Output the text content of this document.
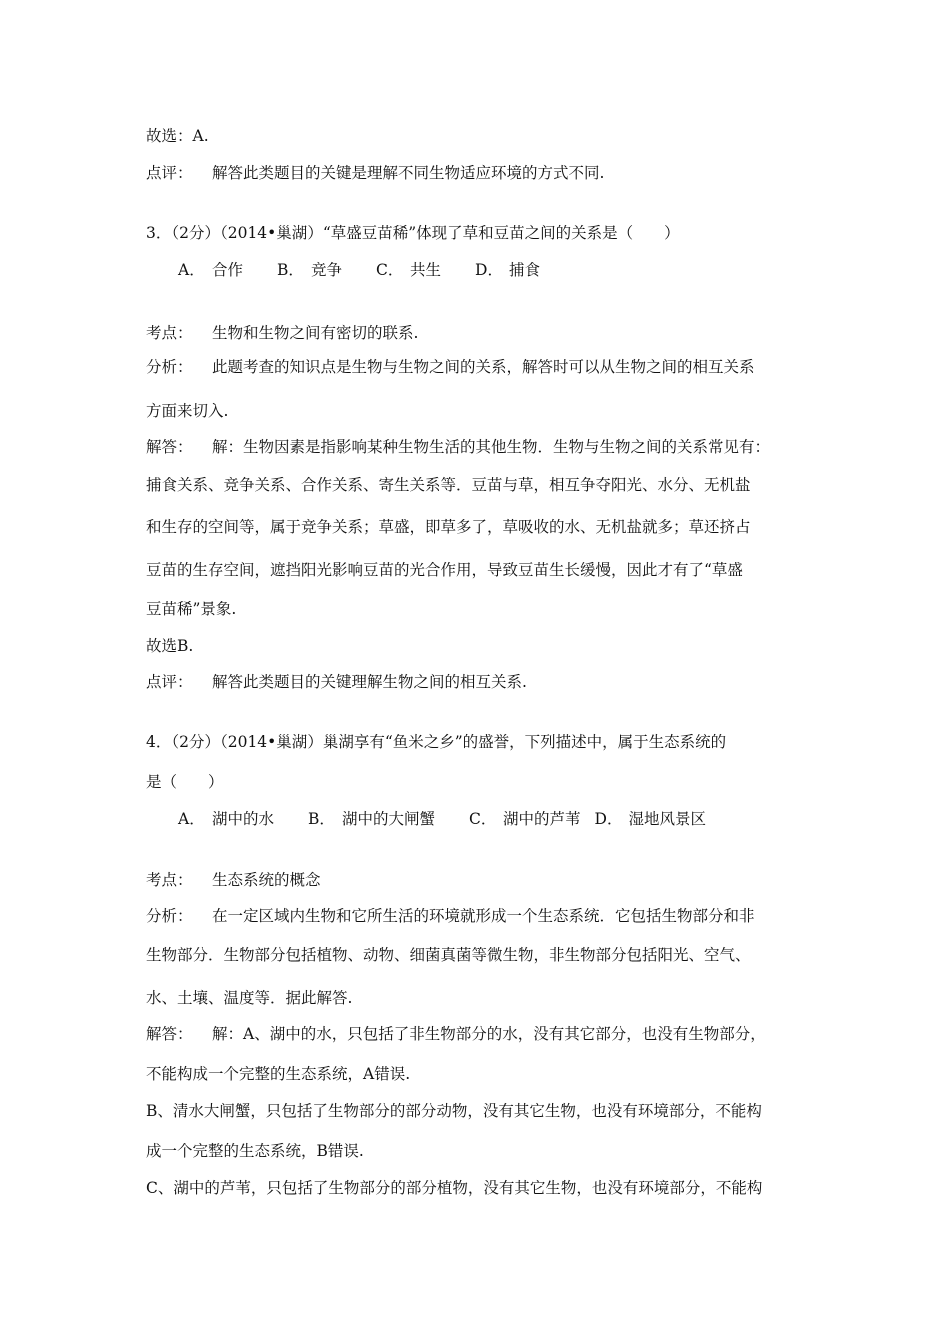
故选：A.
点评： 解答此类题目的关键是理解不同生物适应环境的方式不同.
3．（2分）（2014•巢湖）“草盛豆苗稀”体现了草和豆苗之间的关系是（　　）
A． 合作 B． 竞争 C． 共生 D． 捕食
考点： 生物和生物之间有密切的联系.
分析： 此题考查的知识点是生物与生物之间的关系，解答时可以从生物之间的相互关系
方面来切入.
解答： 解：生物因素是指影响某种生物生活的其他生物．生物与生物之间的关系常见有：
捕食关系、竞争关系、合作关系、寄生关系等．豆苗与草，相互争夺阳光、水分、无机盐
和生存的空间等，属于竞争关系；草盛，即草多了，草吸收的水、无机盐就多；草还挤占
豆苗的生存空间，遮挡阳光影响豆苗的光合作用，导致豆苗生长缓慢，因此才有了“草盛
豆苗稀”景象.
故选B.
点评： 解答此类题目的关键理解生物之间的相互关系.
4．（2分）（2014•巢湖）巢湖享有“鱼米之乡”的盛誉，下列描述中，属于生态系统的
是（　　）
A． 湖中的水 B． 湖中的大闸蟹 C． 湖中的芦苇 D． 湿地风景区
考点： 生态系统的概念
分析： 在一定区域内生物和它所生活的环境就形成一个生态系统．它包括生物部分和非
生物部分．生物部分包括植物、动物、细菌真菌等微生物，非生物部分包括阳光、空气、
水、土壤、温度等．据此解答.
解答： 解：A、湖中的水，只包括了非生物部分的水，没有其它部分，也没有生物部分，
不能构成一个完整的生态系统，A错误.
B、清水大闸蟹，只包括了生物部分的部分动物，没有其它生物，也没有环境部分，不能构
成一个完整的生态系统，B错误.
C、湖中的芦苇，只包括了生物部分的部分植物，没有其它生物，也没有环境部分，不能构
